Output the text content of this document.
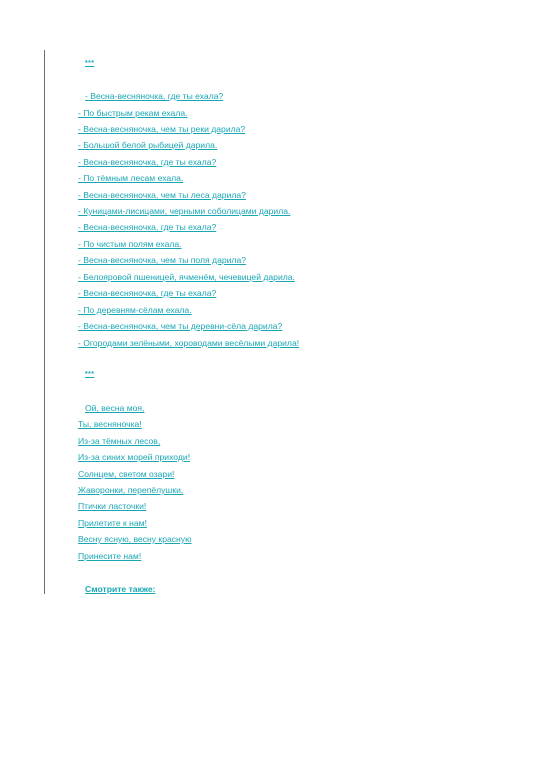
***
- Весна-весняночка, где ты ехала?
- По быстрым рекам ехала.
- Весна-весняночка, чем ты реки дарила?
- Большой белой рыбицей дарила.
- Весна-весняночка, где ты ехала?
- По тёмным лесам ехала.
- Весна-весняночка, чем ты леса дарила?
- Куницами-лисицами, черными соболицами дарила.
- Весна-весняночка, где ты ехала?
- По чистым полям ехала.
- Весна-весняночка, чем ты поля дарила?
- Белояровой пшеницей, ячменём, чечевицей дарила.
- Весна-весняночка, где ты ехала?
- По деревням-сёлам ехала.
- Весна-весняночка, чем ты деревни-сёла дарила?
- Огородами зелёными, хороводами весёлыми дарила!
***
Ой, весна моя,
Ты, весняночка!
Из-за тёмных лесов,
Из-за синих морей приходи!
Солнцем, светом озари!
Жаворонки, перепёлушки,
Птички ласточки!
Прилетите к нам!
Весну ясную, весну красную
Принесите нам!
Смотрите также:
